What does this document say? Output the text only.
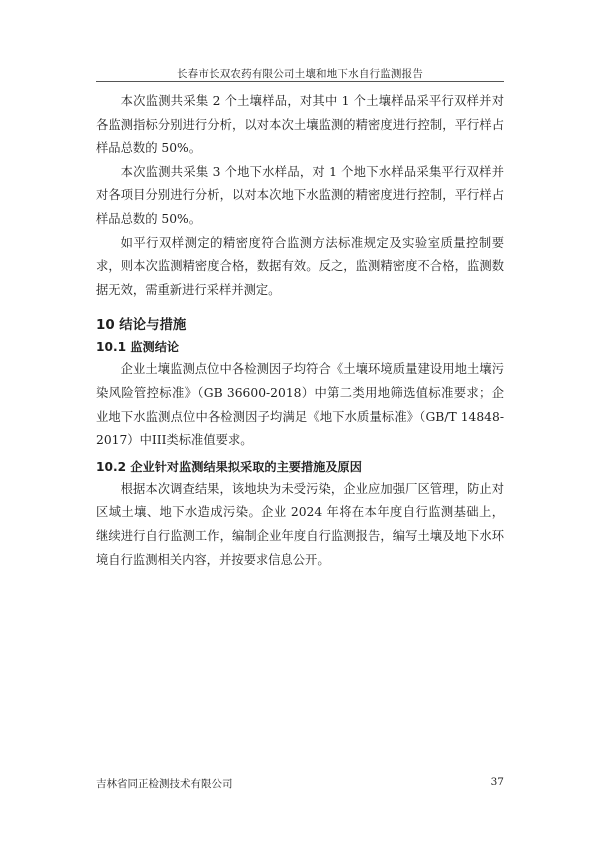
长春市长双农药有限公司土壤和地下水自行监测报告

本次监测共采集 2 个土壤样品，对其中 1 个土壤样品采平行双样并对各监测指标分别进行分析，以对本次土壤监测的精密度进行控制，平行样占样品总数的 50%。

本次监测共采集 3 个地下水样品，对 1 个地下水样品采集平行双样并对各项目分别进行分析，以对本次地下水监测的精密度进行控制，平行样占样品总数的 50%。

如平行双样测定的精密度符合监测方法标准规定及实验室质量控制要求，则本次监测精密度合格，数据有效。反之，监测精密度不合格，监测数据无效，需重新进行采样并测定。

10 结论与措施
10.1 监测结论

企业土壤监测点位中各检测因子均符合《土壤环境质量建设用地土壤污染风险管控标准》（GB 36600-2018）中第二类用地筛选值标准要求；企业地下水监测点位中各检测因子均满足《地下水质量标准》（GB/T 14848-2017）中III类标准值要求。

10.2 企业针对监测结果拟采取的主要措施及原因

根据本次调查结果，该地块为未受污染，企业应加强厂区管理，防止对区域土壤、地下水造成污染。企业 2024 年将在本年度自行监测基础上，继续进行自行监测工作，编制企业年度自行监测报告，编写土壤及地下水环境自行监测相关内容，并按要求信息公开。

吉林省同正检测技术有限公司	37
